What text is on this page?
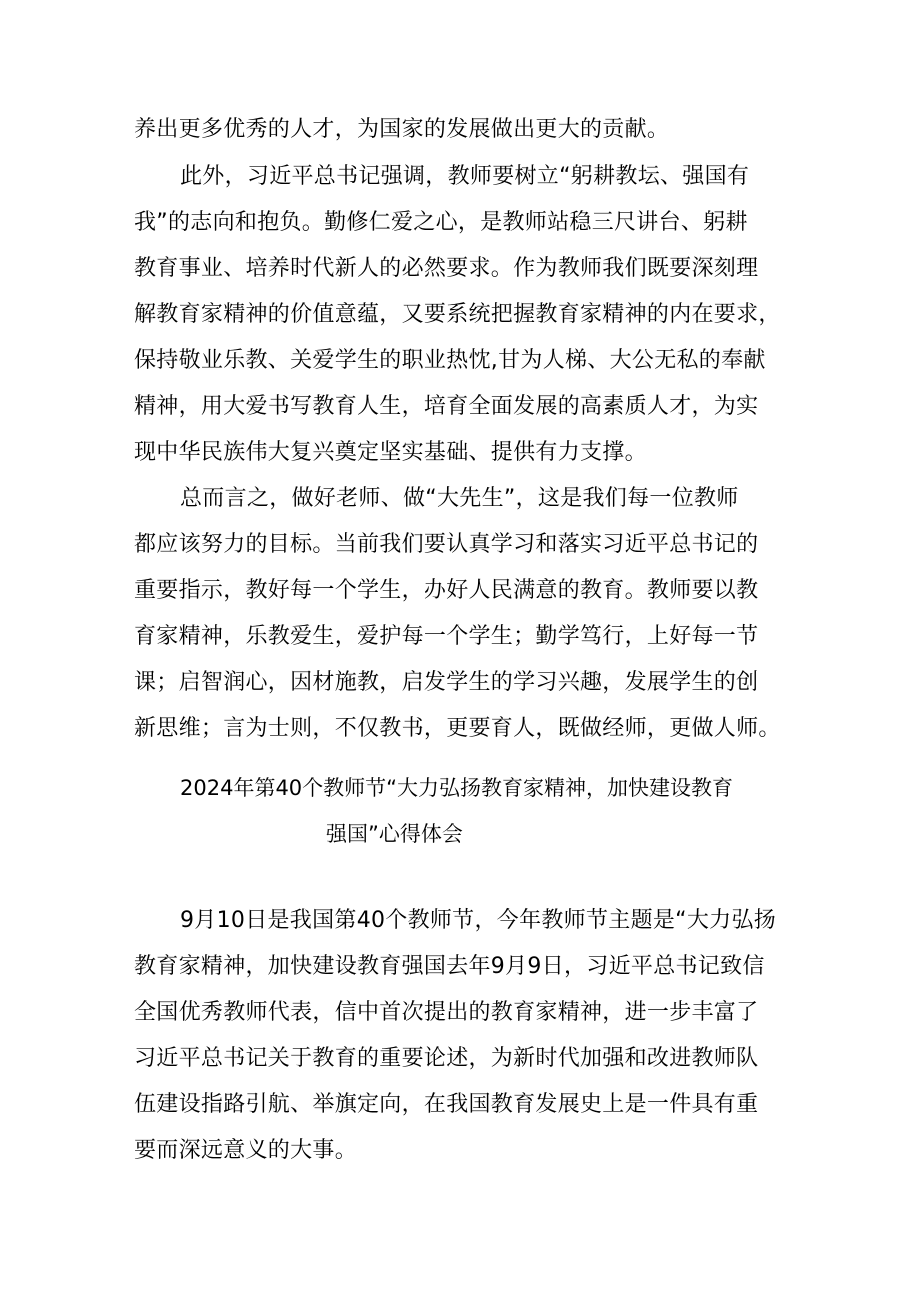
养出更多优秀的人才，为国家的发展做出更大的贡献。
此外，习近平总书记强调，教师要树立“躬耕教坛、强国有
我”的志向和抱负。勤修仁爱之心，是教师站稳三尺讲台、躬耕
教育事业、培养时代新人的必然要求。作为教师我们既要深刻理
解教育家精神的价值意蕴，又要系统把握教育家精神的内在要求，
保持敬业乐教、关爱学生的职业热忱,甘为人梯、大公无私的奉献
精神，用大爱书写教育人生，培育全面发展的高素质人才，为实
现中华民族伟大复兴奠定坚实基础、提供有力支撑。
总而言之，做好老师、做“大先生”，这是我们每一位教师
都应该努力的目标。当前我们要认真学习和落实习近平总书记的
重要指示，教好每一个学生，办好人民满意的教育。教师要以教
育家精神，乐教爱生，爱护每一个学生；勤学笃行，上好每一节
课；启智润心，因材施教，启发学生的学习兴趣，发展学生的创
新思维；言为士则，不仅教书，更要育人，既做经师，更做人师。
2024年第40个教师节“大力弘扬教育家精神，加快建设教育
强国”心得体会
9月10日是我国第40个教师节，今年教师节主题是“大力弘扬
教育家精神，加快建设教育强国去年9月9日，习近平总书记致信
全国优秀教师代表，信中首次提出的教育家精神，进一步丰富了
习近平总书记关于教育的重要论述，为新时代加强和改进教师队
伍建设指路引航、举旗定向，在我国教育发展史上是一件具有重
要而深远意义的大事。
